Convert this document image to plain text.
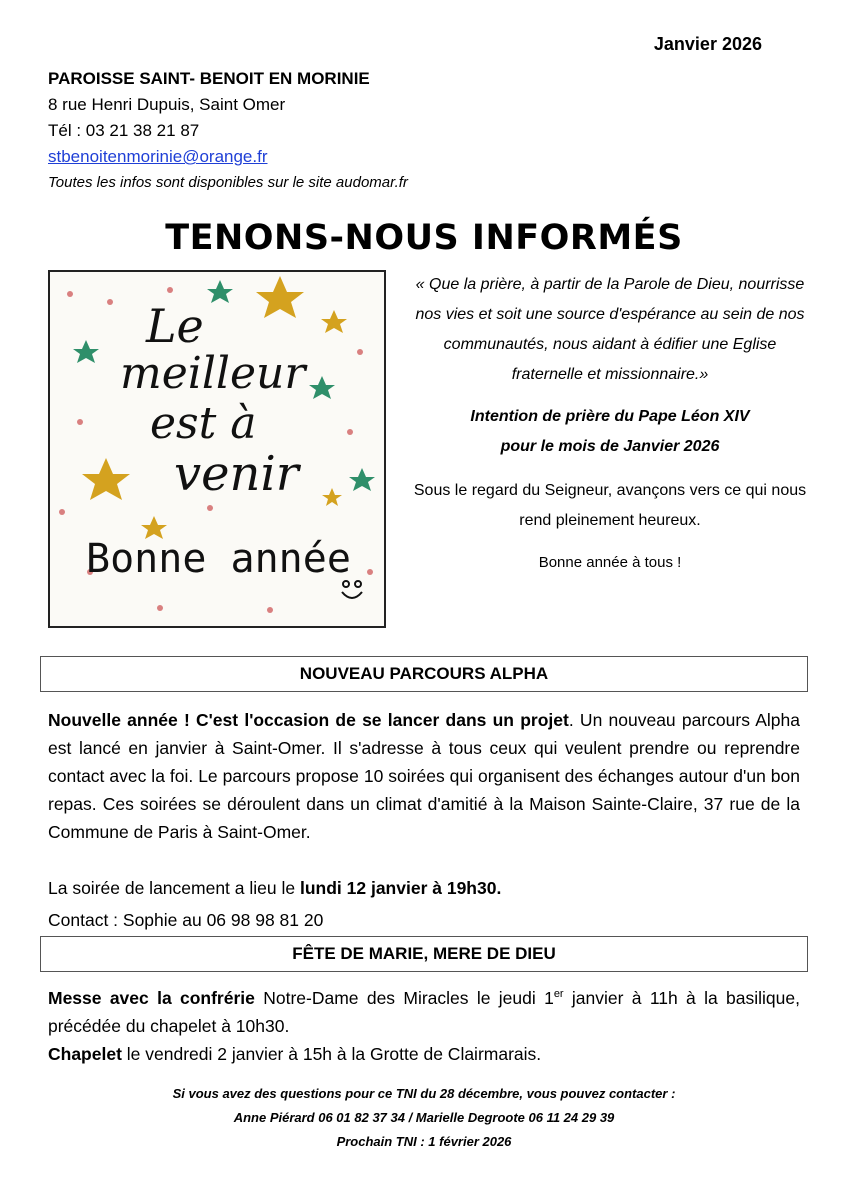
Janvier 2026
PAROISSE SAINT- BENOIT EN MORINIE
8 rue Henri Dupuis, Saint Omer
Tél : 03 21 38 21 87
stbenoitenmorinie@orange.fr
Toutes les infos sont disponibles sur le site audomar.fr
TENONS-NOUS INFORMÉS
Le
meilleur
est à
venir
Bonne année
« Que la prière, à partir de la Parole de Dieu, nourrisse nos vies et soit une source d'espérance au sein de nos communautés, nous aidant à édifier une Eglise fraternelle et missionnaire.»
Intention de prière du Pape Léon XIV
pour le mois de Janvier 2026
Sous le regard du Seigneur, avançons vers ce qui nous rend pleinement heureux.
Bonne année à tous !
NOUVEAU PARCOURS ALPHA
Nouvelle année ! C'est l'occasion de se lancer dans un projet. Un nouveau parcours Alpha est lancé en janvier à Saint-Omer. Il s'adresse à tous ceux qui veulent prendre ou reprendre contact avec la foi. Le parcours propose 10 soirées qui organisent des échanges autour d'un bon repas. Ces soirées se déroulent dans un climat d'amitié à la Maison Sainte-Claire, 37 rue de la Commune de Paris à Saint-Omer.
La soirée de lancement a lieu le lundi 12 janvier à 19h30.
Contact : Sophie au 06 98 98 81 20
FÊTE DE MARIE, MERE DE DIEU
Messe avec la confrérie Notre-Dame des Miracles le jeudi 1er janvier à 11h à la basilique, précédée du chapelet à 10h30.
Chapelet le vendredi 2 janvier à 15h à la Grotte de Clairmarais.
Si vous avez des questions pour ce TNI du 28 décembre, vous pouvez contacter :
Anne Piérard 06 01 82 37 34 / Marielle Degroote 06 11 24 29 39
Prochain TNI : 1 février 2026
